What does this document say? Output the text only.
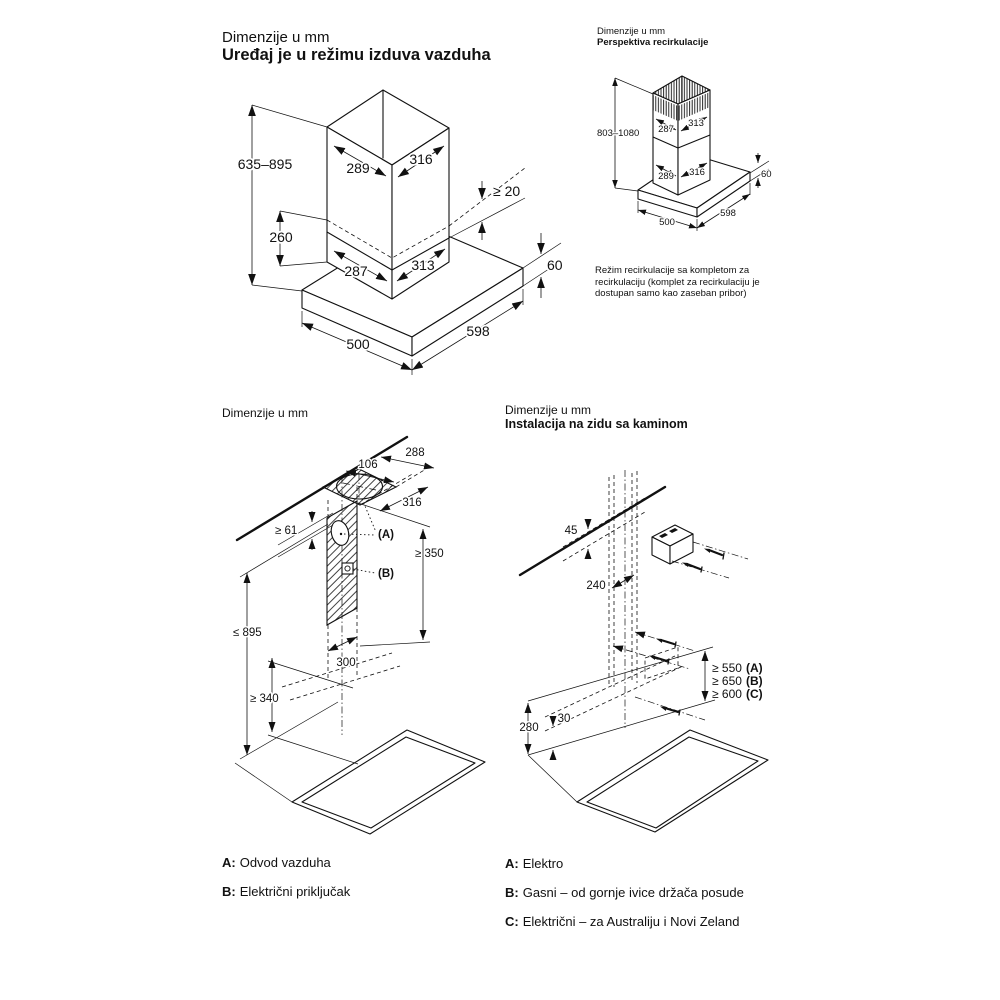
Dimenzije u mm
Uređaj je u režimu izduva vazduha
635–895	289
316
≥ 20
260
287	313	60
500
598
Dimenzije u mm
Perspektiva recirkulacije
803–1080 287
313
289 316	60
500
598
Režim recirkulacije sa kompletom za recirkulaciju (komplet za recirkulaciju je dostupan samo kao zaseban pribor)
Dimenzije u mm
106
288
316
≥ 61	(A)
(B)
≥ 350
≤ 895
300
≥ 340
Dimenzije u mm
Instalacija na zidu sa kaminom
45
240
≥ 550 (A)
≥ 650 (B)
≥ 600 (C)
280
30
A: Odvod vazduha
B: Električni priključak
A: Elektro
B: Gasni – od gornje ivice držača posude
C: Električni – za Australiju i Novi Zeland
